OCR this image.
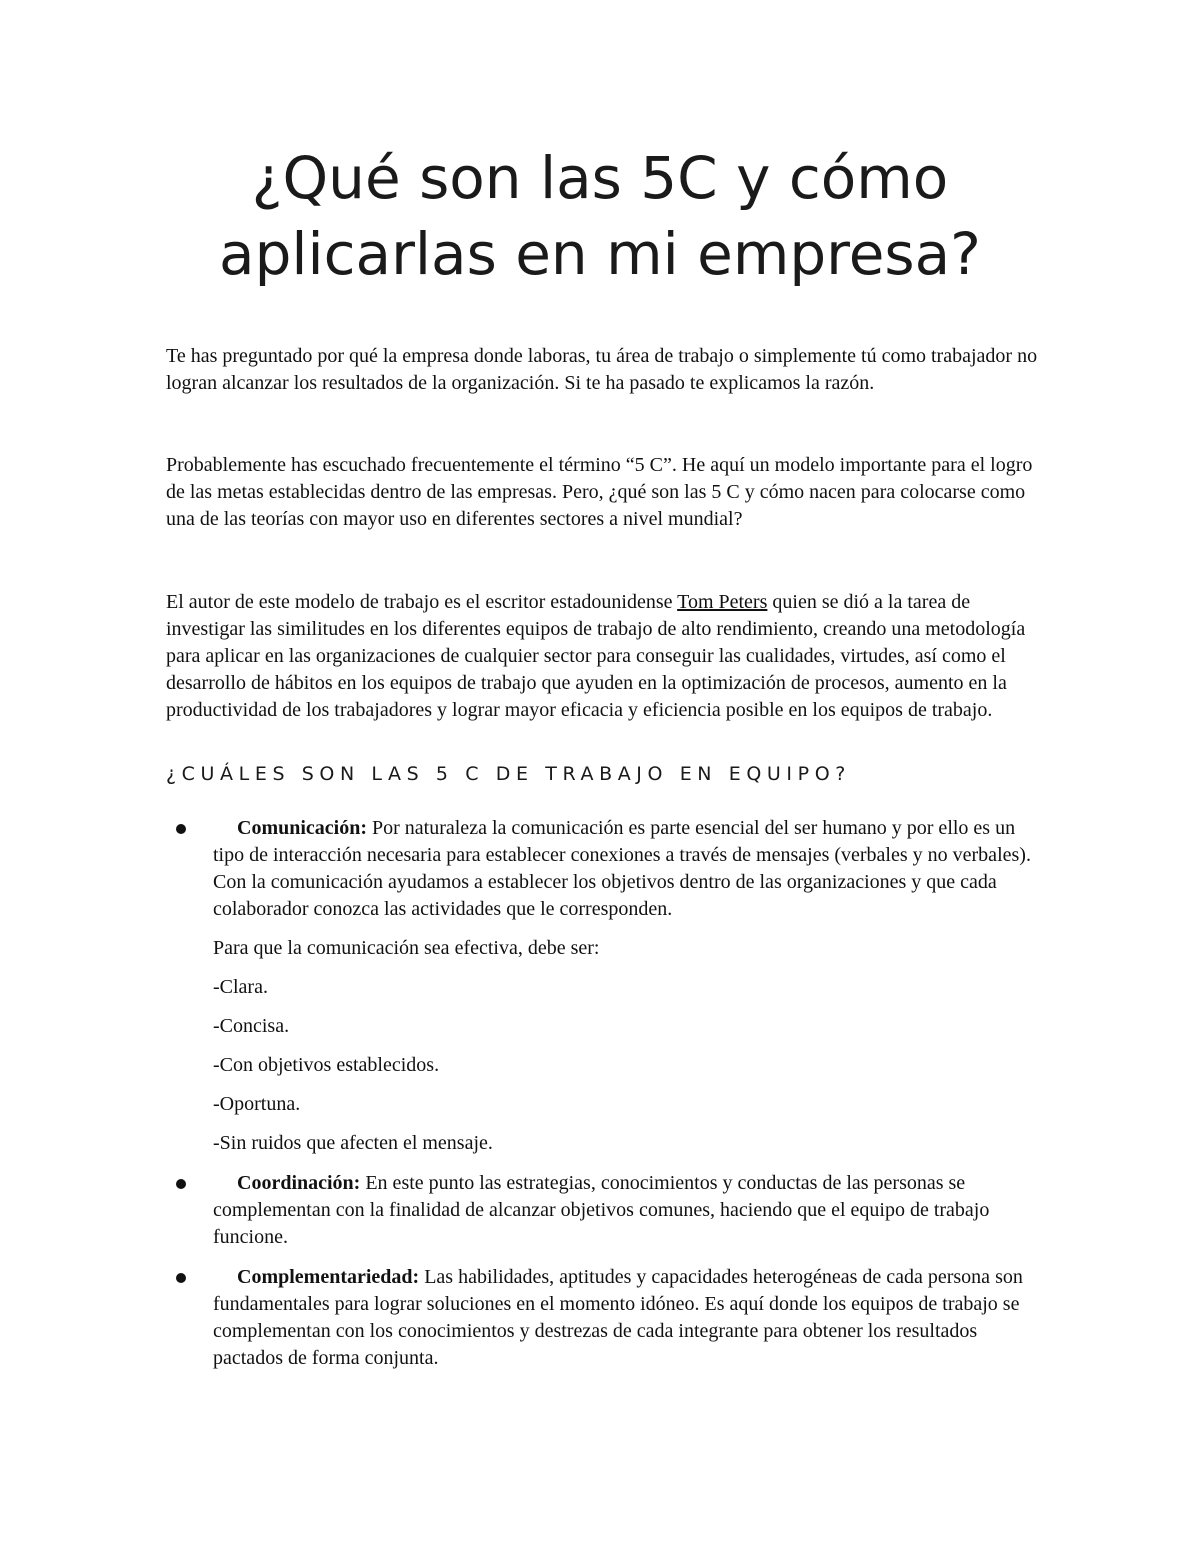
¿Qué son las 5C y cómo aplicarlas en mi empresa?

Te has preguntado por qué la empresa donde laboras, tu área de trabajo o simplemente tú como trabajador no logran alcanzar los resultados de la organización. Si te ha pasado te explicamos la razón.

Probablemente has escuchado frecuentemente el término “5 C”. He aquí un modelo importante para el logro de las metas establecidas dentro de las empresas. Pero, ¿qué son las 5 C y cómo nacen para colocarse como una de las teorías con mayor uso en diferentes sectores a nivel mundial?

El autor de este modelo de trabajo es el escritor estadounidense Tom Peters quien se dió a la tarea de investigar las similitudes en los diferentes equipos de trabajo de alto rendimiento, creando una metodología para aplicar en las organizaciones de cualquier sector para conseguir las cualidades, virtudes, así como el desarrollo de hábitos en los equipos de trabajo que ayuden en la optimización de procesos, aumento en la productividad de los trabajadores y lograr mayor eficacia y eficiencia posible en los equipos de trabajo.

¿CUÁLES SON LAS 5 C DE TRABAJO EN EQUIPO?
Comunicación: Por naturaleza la comunicación es parte esencial del ser humano y por ello es un tipo de interacción necesaria para establecer conexiones a través de mensajes (verbales y no verbales). Con la comunicación ayudamos a establecer los objetivos dentro de las organizaciones y que cada colaborador conozca las actividades que le corresponden.
Para que la comunicación sea efectiva, debe ser:
-Clara.
-Concisa.
-Con objetivos establecidos.
-Oportuna.
-Sin ruidos que afecten el mensaje.
Coordinación: En este punto las estrategias, conocimientos y conductas de las personas se complementan con la finalidad de alcanzar objetivos comunes, haciendo que el equipo de trabajo funcione.
Complementariedad: Las habilidades, aptitudes y capacidades heterogéneas de cada persona son fundamentales para lograr soluciones en el momento idóneo. Es aquí donde los equipos de trabajo se complementan con los conocimientos y destrezas de cada integrante para obtener los resultados pactados de forma conjunta.
